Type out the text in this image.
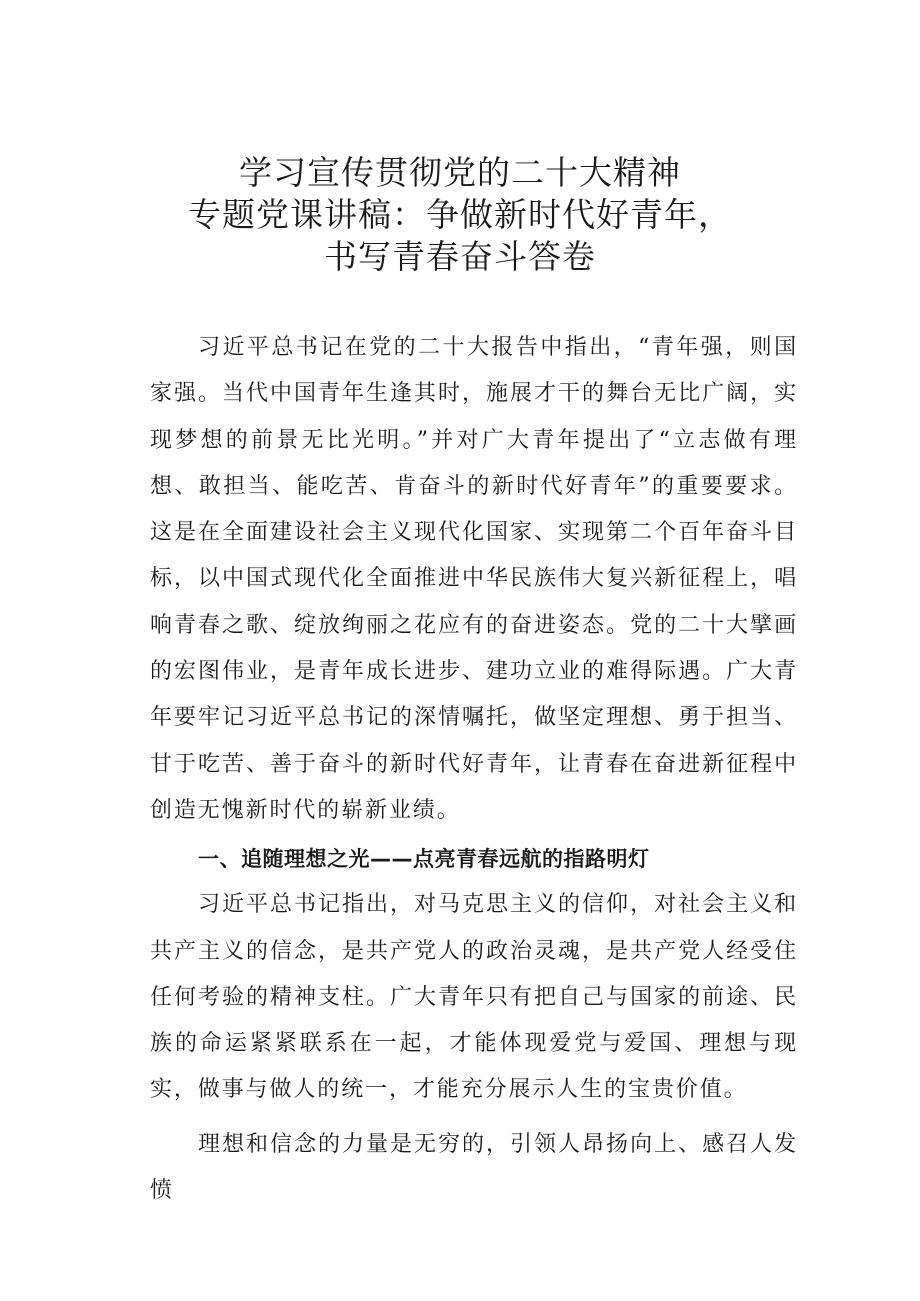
学习宣传贯彻党的二十大精神
专题党课讲稿：争做新时代好青年，
书写青春奋斗答卷

习近平总书记在党的二十大报告中指出，“青年强，则国家强。当代中国青年生逢其时，施展才干的舞台无比广阔，实现梦想的前景无比光明。”并对广大青年提出了“立志做有理想、敢担当、能吃苦、肯奋斗的新时代好青年”的重要要求。这是在全面建设社会主义现代化国家、实现第二个百年奋斗目标，以中国式现代化全面推进中华民族伟大复兴新征程上，唱响青春之歌、绽放绚丽之花应有的奋进姿态。党的二十大擘画的宏图伟业，是青年成长进步、建功立业的难得际遇。广大青年要牢记习近平总书记的深情嘱托，做坚定理想、勇于担当、甘于吃苦、善于奋斗的新时代好青年，让青春在奋进新征程中创造无愧新时代的崭新业绩。

一、追随理想之光——点亮青春远航的指路明灯

习近平总书记指出，对马克思主义的信仰，对社会主义和共产主义的信念，是共产党人的政治灵魂，是共产党人经受住任何考验的精神支柱。广大青年只有把自己与国家的前途、民族的命运紧紧联系在一起，才能体现爱党与爱国、理想与现实，做事与做人的统一，才能充分展示人生的宝贵价值。

理想和信念的力量是无穷的，引领人昂扬向上、感召人发愤
